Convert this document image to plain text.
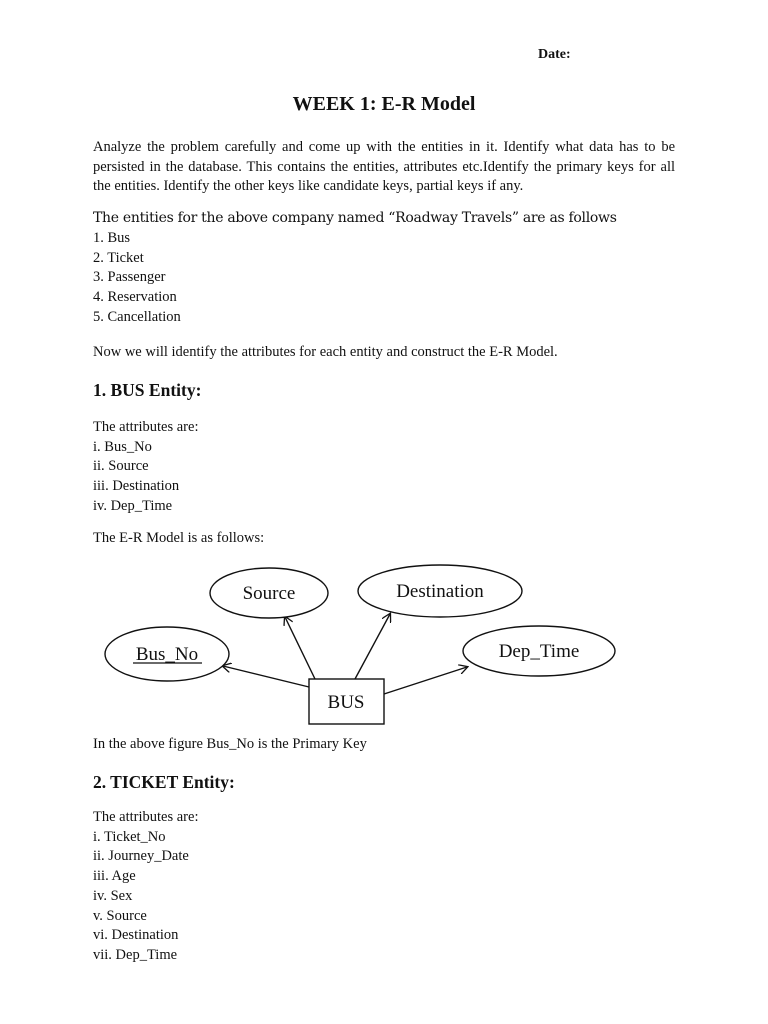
Date:
WEEK 1: E-R Model
Analyze the problem carefully and come up with the entities in it. Identify what data has to be persisted in the database. This contains the entities, attributes etc.Identify the primary keys for all the entities. Identify the other keys like candidate keys, partial keys if any.
The entities for the above company named “Roadway Travels” are as follows
1. Bus
2. Ticket
3. Passenger
4. Reservation
5. Cancellation
Now we will identify the attributes for each entity and construct the E-R Model.
1. BUS Entity:
The attributes are:
i. Bus_No
ii. Source
iii. Destination
iv. Dep_Time
The E-R Model is as follows:
Source	Destination
Bus_No	Dep_Time
BUS
In the above figure Bus_No is the Primary Key
2. TICKET Entity:
The attributes are:
i. Ticket_No
ii. Journey_Date
iii. Age
iv. Sex
v. Source
vi. Destination
vii. Dep_Time
